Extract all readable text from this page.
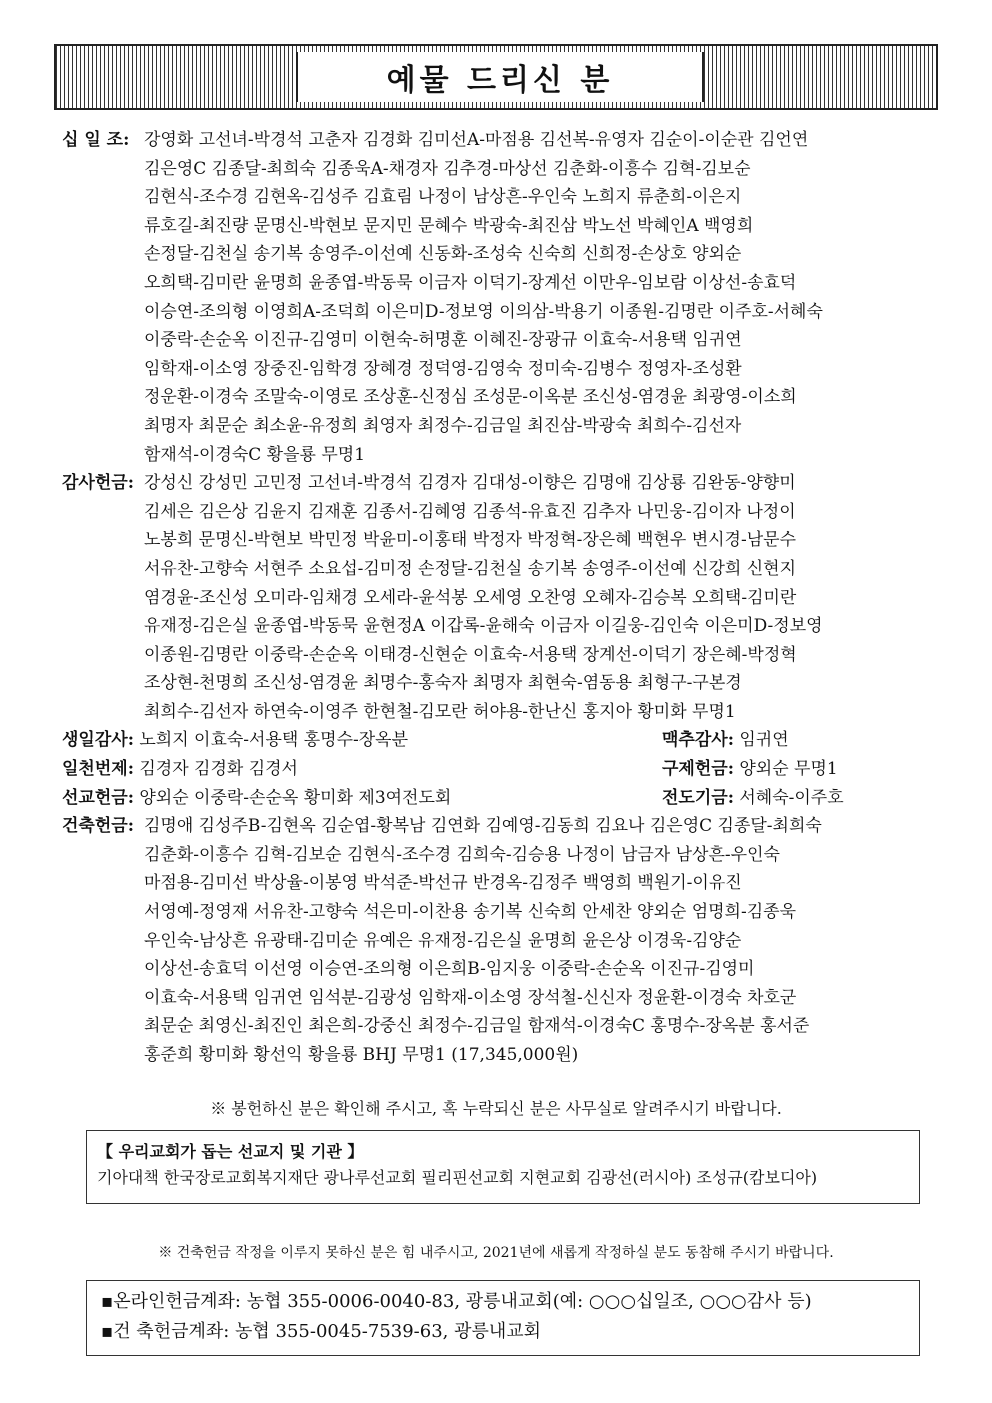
예물 드리신 분
십 일 조: 강영화 고선녀-박경석 고춘자 김경화 김미선A-마점용 김선복-유영자 김순이-이순관 김언연
김은영C 김종달-최희숙 김종욱A-채경자 김추경-마상선 김춘화-이흥수 김혁-김보순
김현식-조수경 김현옥-김성주 김효림 나정이 남상흔-우인숙 노희지 류춘희-이은지
류호길-최진량 문명신-박현보 문지민 문혜수 박광숙-최진삼 박노선 박혜인A 백영희
손정달-김천실 송기복 송영주-이선예 신동화-조성숙 신숙희 신희정-손상호 양외순
오희택-김미란 윤명희 윤종엽-박동묵 이금자 이덕기-장계선 이만우-임보람 이상선-송효덕
이승연-조의형 이영희A-조덕희 이은미D-정보영 이의삼-박용기 이종원-김명란 이주호-서혜숙
이중락-손순옥 이진규-김영미 이현숙-허명훈 이혜진-장광규 이효숙-서용택 임귀연
임학재-이소영 장중진-임학경 장혜경 정덕영-김영숙 정미숙-김병수 정영자-조성환
정운환-이경숙 조말숙-이영로 조상훈-신정심 조성문-이옥분 조신성-염경윤 최광영-이소희
최명자 최문순 최소윤-유정희 최영자 최정수-김금일 최진삼-박광숙 최희수-김선자
함재석-이경숙C 황을룡 무명1
감사헌금: 강성신 강성민 고민정 고선녀-박경석 김경자 김대성-이향은 김명애 김상룡 김완동-양향미
김세은 김은상 김윤지 김재훈 김종서-김혜영 김종석-유효진 김추자 나민웅-김이자 나정이
노봉희 문명신-박현보 박민정 박윤미-이홍태 박정자 박정혁-장은혜 백현우 변시경-남문수
서유찬-고향숙 서현주 소요섭-김미정 손정달-김천실 송기복 송영주-이선예 신강희 신현지
염경윤-조신성 오미라-임채경 오세라-윤석봉 오세영 오찬영 오혜자-김승복 오희택-김미란
유재정-김은실 윤종엽-박동묵 윤현정A 이갑록-윤해숙 이금자 이길웅-김인숙 이은미D-정보영
이종원-김명란 이중락-손순옥 이태경-신현순 이효숙-서용택 장계선-이덕기 장은혜-박정혁
조상현-천명희 조신성-염경윤 최명수-홍숙자 최명자 최현숙-염동용 최형구-구본경
최희수-김선자 하연숙-이영주 한현철-김모란 허야용-한난신 홍지아 황미화 무명1
생일감사: 노희지 이효숙-서용택 홍명수-장옥분	맥추감사: 임귀연
일천번제: 김경자 김경화 김경서	구제헌금: 양외순 무명1
선교헌금: 양외순 이중락-손순옥 황미화 제3여전도회	전도기금: 서혜숙-이주호
건축헌금: 김명애 김성주B-김현옥 김순엽-황복남 김연화 김예영-김동희 김요나 김은영C 김종달-최희숙
김춘화-이흥수 김혁-김보순 김현식-조수경 김희숙-김승용 나정이 남금자 남상흔-우인숙
마점용-김미선 박상율-이봉영 박석준-박선규 반경옥-김정주 백영희 백원기-이유진
서영예-정영재 서유찬-고향숙 석은미-이찬용 송기복 신숙희 안세찬 양외순 엄명희-김종욱
우인숙-남상흔 유광태-김미순 유예은 유재정-김은실 윤명희 윤은상 이경욱-김양순
이상선-송효덕 이선영 이승연-조의형 이은희B-임지웅 이중락-손순옥 이진규-김영미
이효숙-서용택 임귀연 임석분-김광성 임학재-이소영 장석철-신신자 정윤환-이경숙 차호군
최문순 최영신-최진인 최은희-강중신 최정수-김금일 함재석-이경숙C 홍명수-장옥분 홍서준
홍준희 황미화 황선익 황을룡 BHJ 무명1 (17,345,000원)
※ 봉헌하신 분은 확인해 주시고, 혹 누락되신 분은 사무실로 알려주시기 바랍니다.
【 우리교회가 돕는 선교지 및 기관 】
기아대책 한국장로교회복지재단 광나루선교회 필리핀선교회 지현교회 김광선(러시아) 조성규(캄보디아)
※ 건축헌금 작정을 이루지 못하신 분은 힘 내주시고, 2021년에 새롭게 작정하실 분도 동참해 주시기 바랍니다.
▪온라인헌금계좌: 농협 355-0006-0040-83, 광릉내교회(예: ○○○십일조, ○○○감사 등)
▪건 축헌금계좌: 농협 355-0045-7539-63, 광릉내교회
